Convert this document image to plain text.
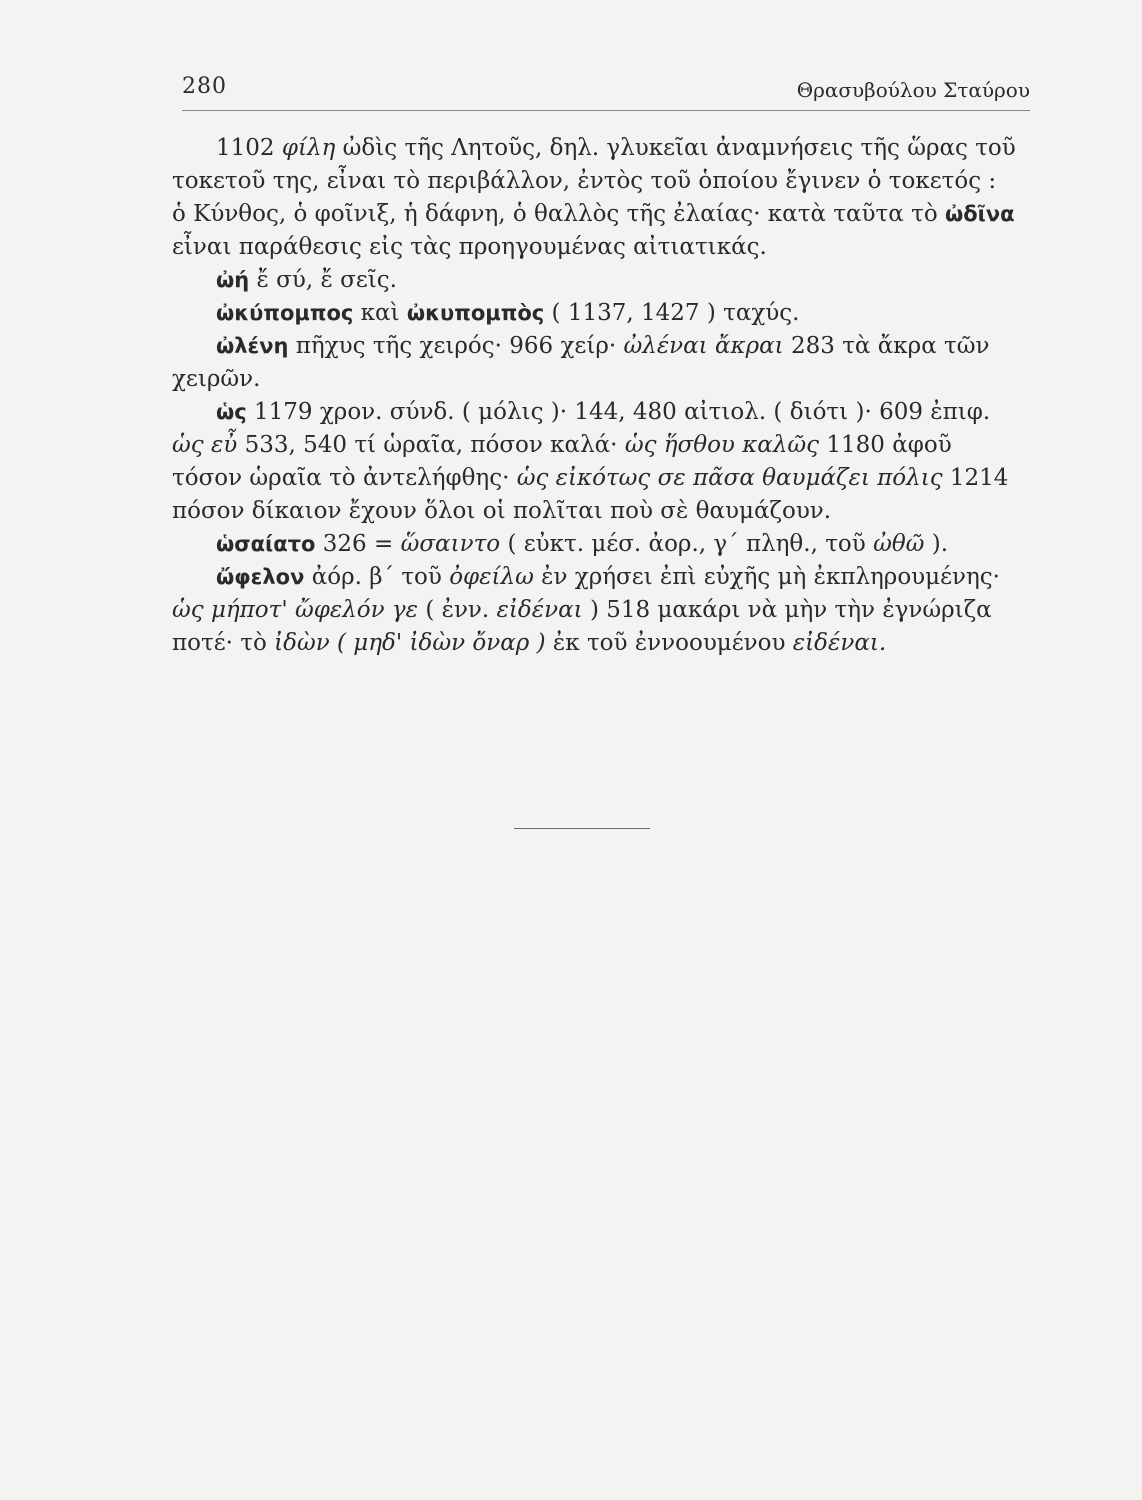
280	Θρασυβούλου Σταύρου
1102 φίλη ὠδὶς τῆς Λητοῦς, δηλ. γλυκεῖαι ἀναμνήσεις τῆς ὥρας τοῦ
τοκετοῦ της, εἶναι τὸ περιβάλλον, ἐντὸς τοῦ ὁποίου ἔγινεν ὁ τοκετός :
ὁ Κύνθος, ὁ φοῖνιξ, ἡ δάφνη, ὁ θαλλὸς τῆς ἐλαίας· κατὰ ταῦτα τὸ ὠδῖνα
εἶναι παράθεσις εἰς τὰς προηγουμένας αἰτιατικάς.
ὠή ἔ σύ, ἔ σεῖς.
ὠκύπομπος καὶ ὠκυπομπὸς ( 1137, 1427 ) ταχύς.
ὠλένη πῆχυς τῆς χειρός· 966 χείρ· ὠλέναι ἄκραι 283 τὰ ἄκρα τῶν
χειρῶν.
ὡς 1179 χρον. σύνδ. ( μόλις )· 144, 480 αἰτιολ. ( διότι )· 609 ἐπιφ.
ὡς εὖ 533, 540 τί ὡραῖα, πόσον καλά· ὡς ἥσθου καλῶς 1180 ἀφοῦ
τόσον ὡραῖα τὸ ἀντελήφθης· ὡς εἰκότως σε πᾶσα θαυμάζει πόλις 1214
πόσον δίκαιον ἔχουν ὅλοι οἱ πολῖται ποὺ σὲ θαυμάζουν.
ὡσαίατο 326 = ὥσαιντο ( εὐκτ. μέσ. ἀορ., γ΄ πληθ., τοῦ ὠθῶ ).
ὤφελον ἀόρ. β΄ τοῦ ὀφείλω ἐν χρήσει ἐπὶ εὐχῆς μὴ ἐκπληρουμένης·
ὡς μήποτ' ὤφελόν γε ( ἐνν. εἰδέναι ) 518 μακάρι νὰ μὴν τὴν ἐγνώριζα
ποτέ· τὸ ἰδὼν ( μηδ' ἰδὼν ὄναρ ) ἐκ τοῦ ἐννοουμένου εἰδέναι.
